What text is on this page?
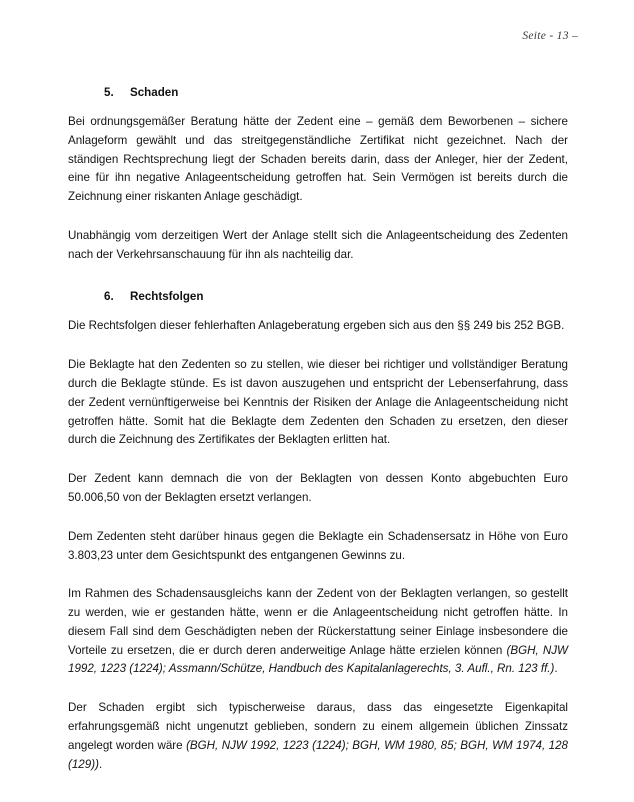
Seite - 13 –
5.	Schaden

Bei ordnungsgemäßer Beratung hätte der Zedent eine – gemäß dem Beworbenen – sichere Anlageform gewählt und das streitgegenständliche Zertifikat nicht gezeichnet. Nach der ständigen Rechtsprechung liegt der Schaden bereits darin, dass der Anleger, hier der Zedent, eine für ihn negative Anlageentscheidung getroffen hat. Sein Vermögen ist bereits durch die Zeichnung einer riskanten Anlage geschädigt.

Unabhängig vom derzeitigen Wert der Anlage stellt sich die Anlageentscheidung des Zedenten nach der Verkehrsanschauung für ihn als nachteilig dar.

6.	Rechtsfolgen

Die Rechtsfolgen dieser fehlerhaften Anlageberatung ergeben sich aus den §§ 249 bis 252 BGB.

Die Beklagte hat den Zedenten so zu stellen, wie dieser bei richtiger und vollständiger Beratung durch die Beklagte stünde. Es ist davon auszugehen und entspricht der Lebenserfahrung, dass der Zedent vernünftigerweise bei Kenntnis der Risiken der Anlage die Anlageentscheidung nicht getroffen hätte. Somit hat die Beklagte dem Zedenten den Schaden zu ersetzen, den dieser durch die Zeichnung des Zertifikates der Beklagten erlitten hat.

Der Zedent kann demnach die von der Beklagten von dessen Konto abgebuchten Euro 50.006,50 von der Beklagten ersetzt verlangen.

Dem Zedenten steht darüber hinaus gegen die Beklagte ein Schadensersatz in Höhe von Euro 3.803,23 unter dem Gesichtspunkt des entgangenen Gewinns zu.

Im Rahmen des Schadensausgleichs kann der Zedent von der Beklagten verlangen, so gestellt zu werden, wie er gestanden hätte, wenn er die Anlageentscheidung nicht getroffen hätte. In diesem Fall sind dem Geschädigten neben der Rückerstattung seiner Einlage insbesondere die Vorteile zu ersetzen, die er durch deren anderweitige Anlage hätte erzielen können (BGH, NJW 1992, 1223 (1224); Assmann/Schütze, Handbuch des Kapitalanlagerechts, 3. Aufl., Rn. 123 ff.).

Der Schaden ergibt sich typischerweise daraus, dass das eingesetzte Eigenkapital erfahrungsgemäß nicht ungenutzt geblieben, sondern zu einem allgemein üblichen Zinssatz angelegt worden wäre (BGH, NJW 1992, 1223 (1224); BGH, WM 1980, 85; BGH, WM 1974, 128 (129)).
